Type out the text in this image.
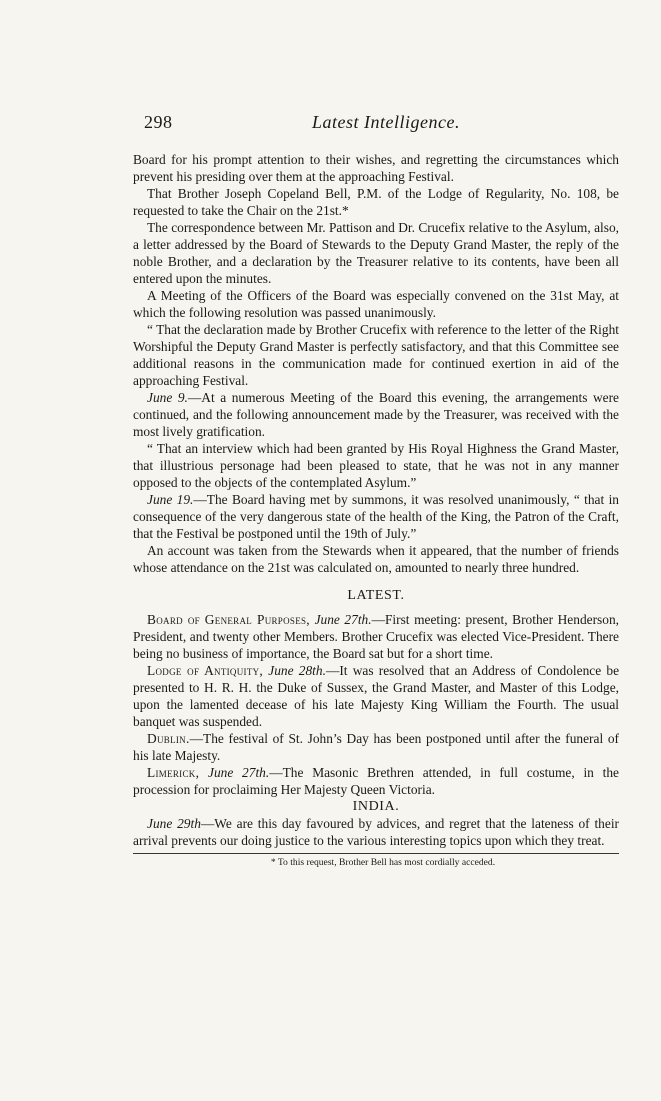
298	Latest Intelligence.

Board for his prompt attention to their wishes, and regretting the circumstances which prevent his presiding over them at the approaching Festival.

That Brother Joseph Copeland Bell, P.M. of the Lodge of Regularity, No. 108, be requested to take the Chair on the 21st.*

The correspondence between Mr. Pattison and Dr. Crucefix relative to the Asylum, also, a letter addressed by the Board of Stewards to the Deputy Grand Master, the reply of the noble Brother, and a declaration by the Treasurer relative to its contents, have been all entered upon the minutes.

A Meeting of the Officers of the Board was especially convened on the 31st May, at which the following resolution was passed unanimously.

“ That the declaration made by Brother Crucefix with reference to the letter of the Right Worshipful the Deputy Grand Master is perfectly satisfactory, and that this Committee see additional reasons in the communication made for continued exertion in aid of the approaching Festival.

June 9.—At a numerous Meeting of the Board this evening, the arrangements were continued, and the following announcement made by the Treasurer, was received with the most lively gratification.

“ That an interview which had been granted by His Royal Highness the Grand Master, that illustrious personage had been pleased to state, that he was not in any manner opposed to the objects of the contemplated Asylum.”

June 19.—The Board having met by summons, it was resolved unanimously, “ that in consequence of the very dangerous state of the health of the King, the Patron of the Craft, that the Festival be postponed until the 19th of July.”

An account was taken from the Stewards when it appeared, that the number of friends whose attendance on the 21st was calculated on, amounted to nearly three hundred.

LATEST.

Board of General Purposes, June 27th.—First meeting: present, Brother Henderson, President, and twenty other Members. Brother Crucefix was elected Vice-President. There being no business of importance, the Board sat but for a short time.

Lodge of Antiquity, June 28th.—It was resolved that an Address of Condolence be presented to H. R. H. the Duke of Sussex, the Grand Master, and Master of this Lodge, upon the lamented decease of his late Majesty King William the Fourth. The usual banquet was suspended.

Dublin.—The festival of St. John’s Day has been postponed until after the funeral of his late Majesty.

Limerick, June 27th.—The Masonic Brethren attended, in full costume, in the procession for proclaiming Her Majesty Queen Victoria.

INDIA.

June 29th—We are this day favoured by advices, and regret that the lateness of their arrival prevents our doing justice to the various interesting topics upon which they treat.

* To this request, Brother Bell has most cordially acceded.
